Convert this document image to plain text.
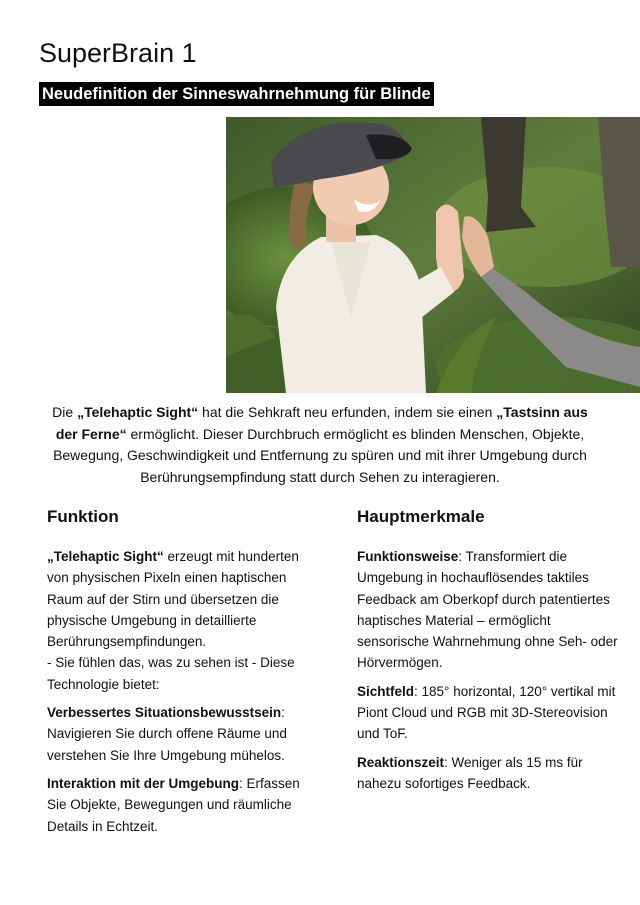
SuperBrain 1
Neudefinition der Sinneswahrnehmung für Blinde

Die „Telehaptic Sight“ hat die Sehkraft neu erfunden, indem sie einen „Tastsinn aus der Ferne“ ermöglicht. Dieser Durchbruch ermöglicht es blinden Menschen, Objekte, Bewegung, Geschwindigkeit und Entfernung zu spüren und mit ihrer Umgebung durch Berührungsempfindung statt durch Sehen zu interagieren.

Funktion

„Telehaptic Sight“ erzeugt mit hunderten von physischen Pixeln einen haptischen Raum auf der Stirn und übersetzen die physische Umgebung in detaillierte Berührungsempfindungen.
- Sie fühlen das, was zu sehen ist - Diese Technologie bietet:

Verbessertes Situationsbewusstsein: Navigieren Sie durch offene Räume und verstehen Sie Ihre Umgebung mühelos.

Interaktion mit der Umgebung: Erfassen Sie Objekte, Bewegungen und räumliche Details in Echtzeit.

Hauptmerkmale

Funktionsweise: Transformiert die Umgebung in hochauflösendes taktiles Feedback am Oberkopf durch patentiertes haptisches Material – ermöglicht sensorische Wahrnehmung ohne Seh- oder Hörvermögen.

Sichtfeld: 185° horizontal, 120° vertikal mit Piont Cloud und RGB mit 3D-Stereovision und ToF.

Reaktionszeit: Weniger als 15 ms für nahezu sofortiges Feedback.
